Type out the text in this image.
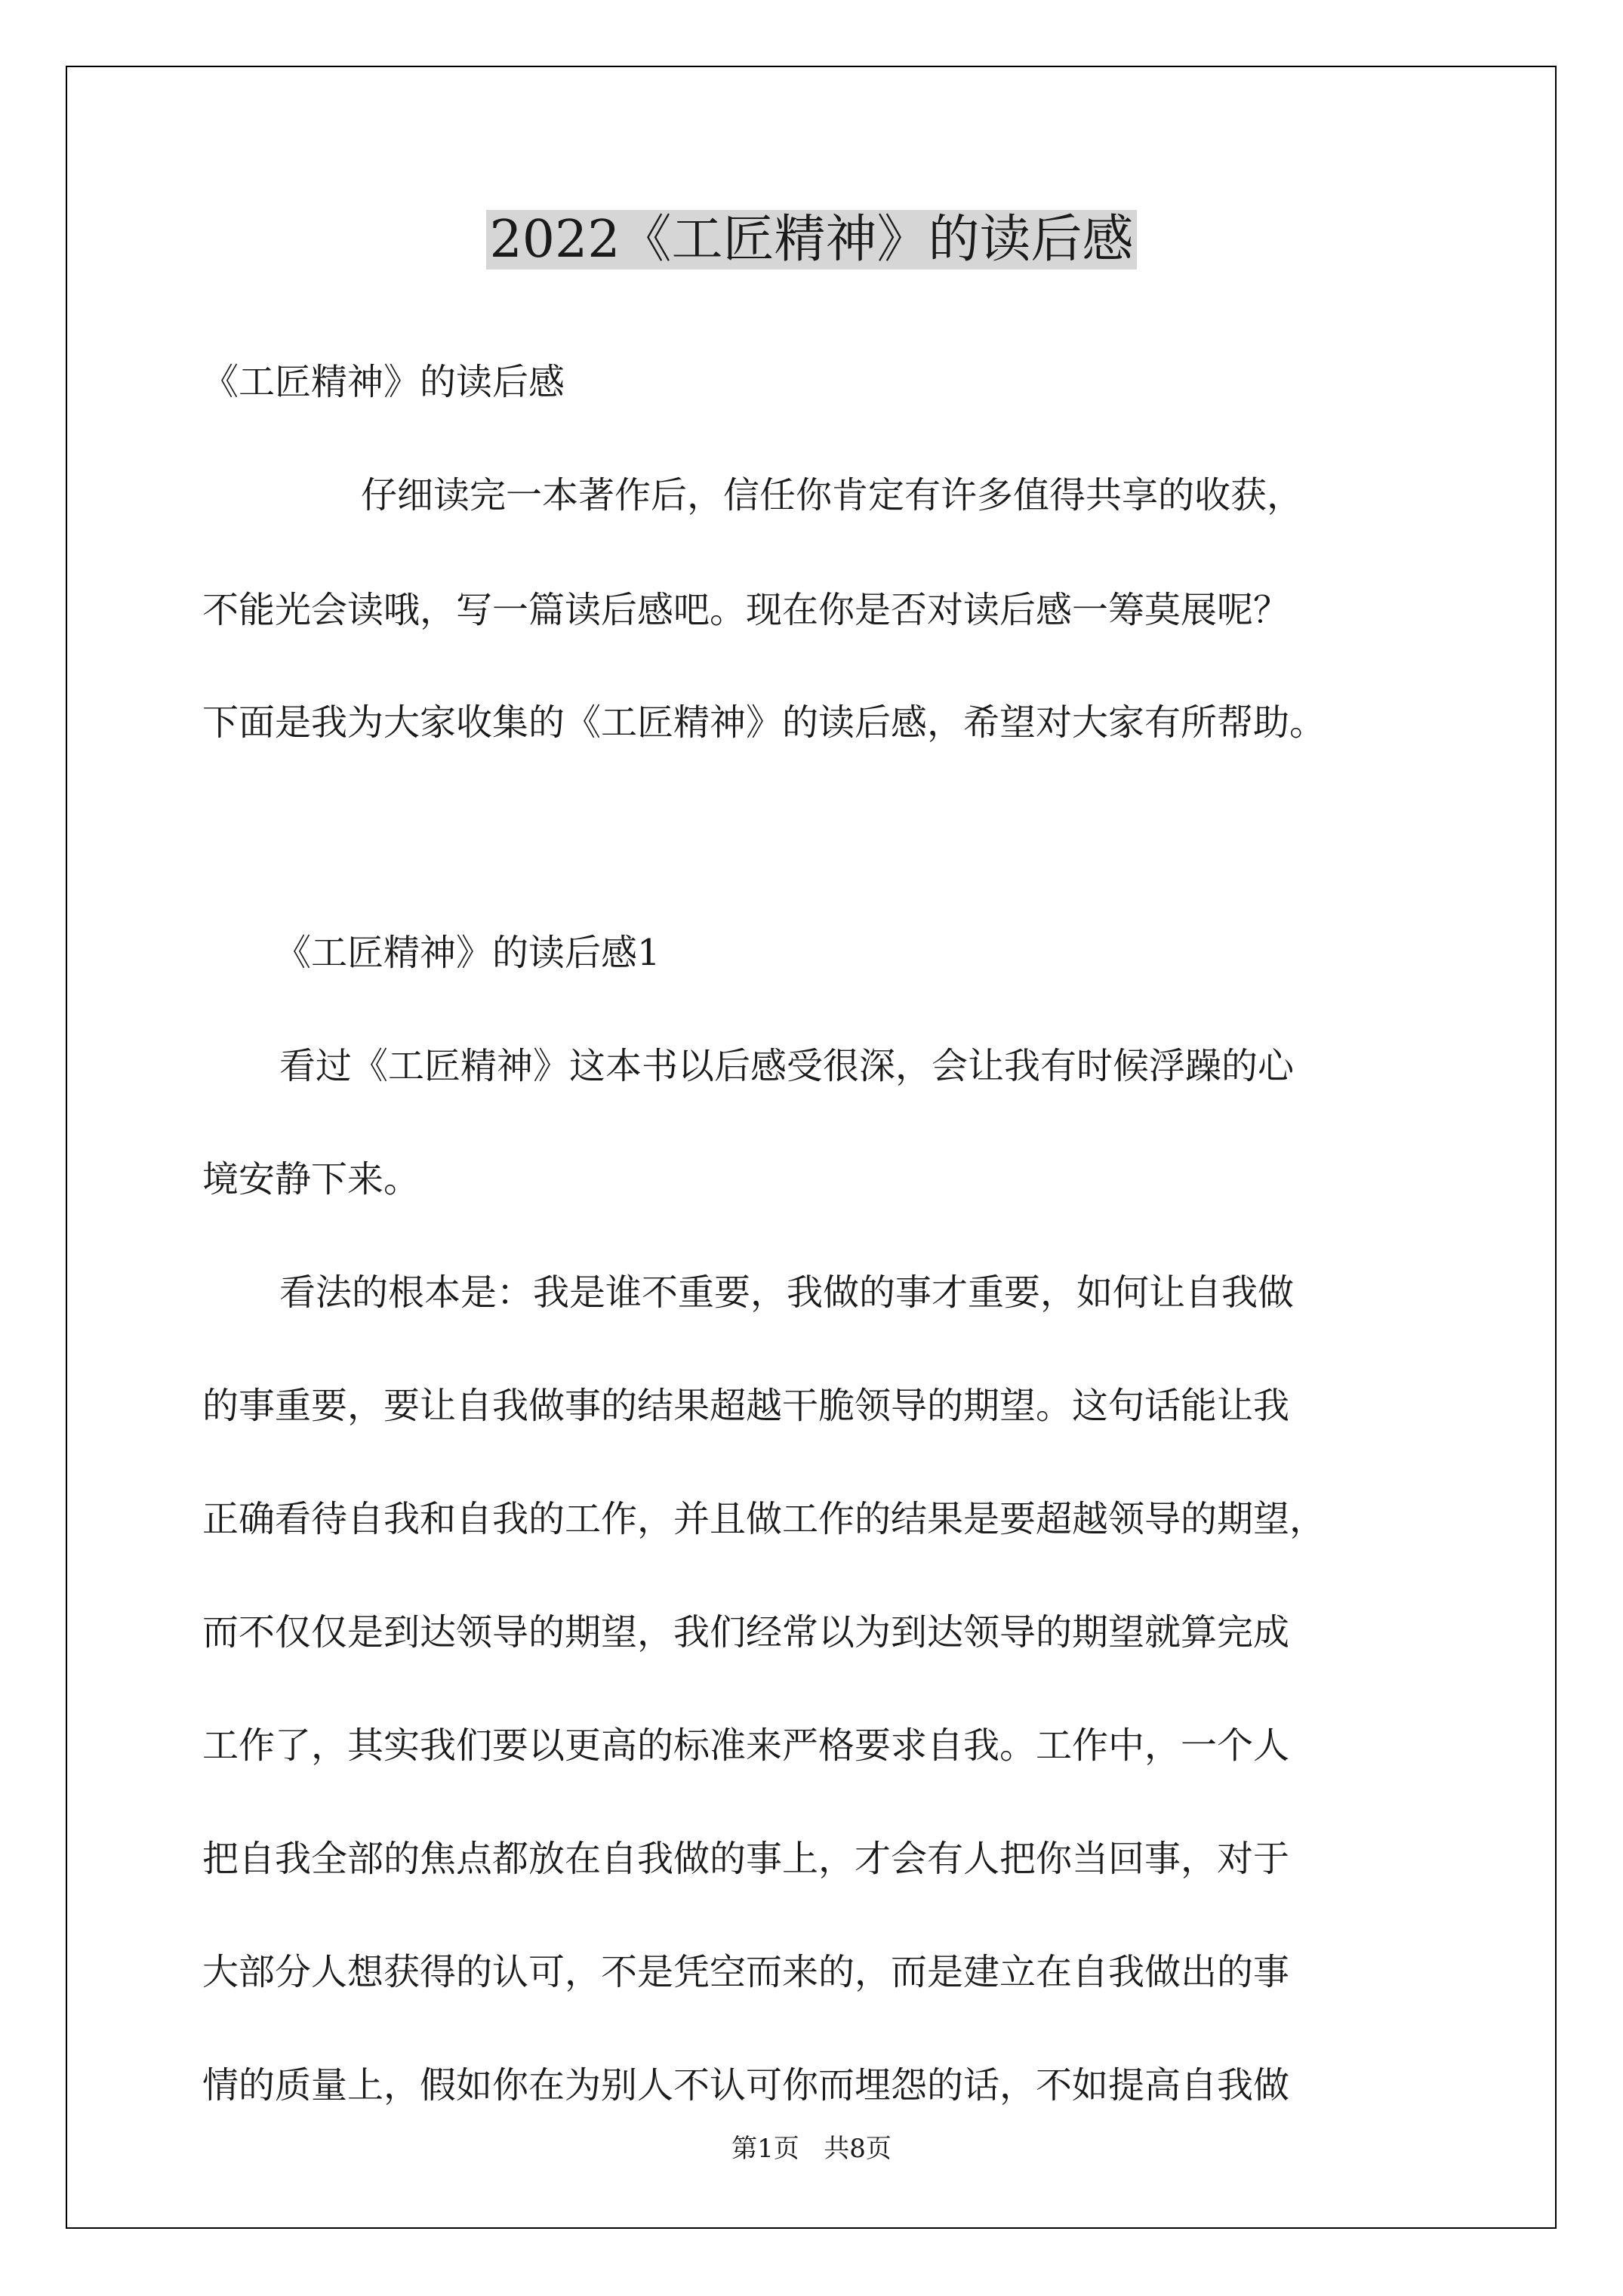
2022《工匠精神》的读后感

《工匠精神》的读后感

仔细读完一本著作后，信任你肯定有许多值得共享的收获，

不能光会读哦，写一篇读后感吧。现在你是否对读后感一筹莫展呢？

下面是我为大家收集的《工匠精神》的读后感，希望对大家有所帮助。

《工匠精神》的读后感1

看过《工匠精神》这本书以后感受很深，会让我有时候浮躁的心

境安静下来。

看法的根本是：我是谁不重要，我做的事才重要，如何让自我做

的事重要，要让自我做事的结果超越干脆领导的期望。这句话能让我

正确看待自我和自我的工作，并且做工作的结果是要超越领导的期望，

而不仅仅是到达领导的期望，我们经常以为到达领导的期望就算完成

工作了，其实我们要以更高的标准来严格要求自我。工作中，一个人

把自我全部的焦点都放在自我做的事上，才会有人把你当回事，对于

大部分人想获得的认可，不是凭空而来的，而是建立在自我做出的事

情的质量上，假如你在为别人不认可你而埋怨的话，不如提高自我做

第1页   共8页
